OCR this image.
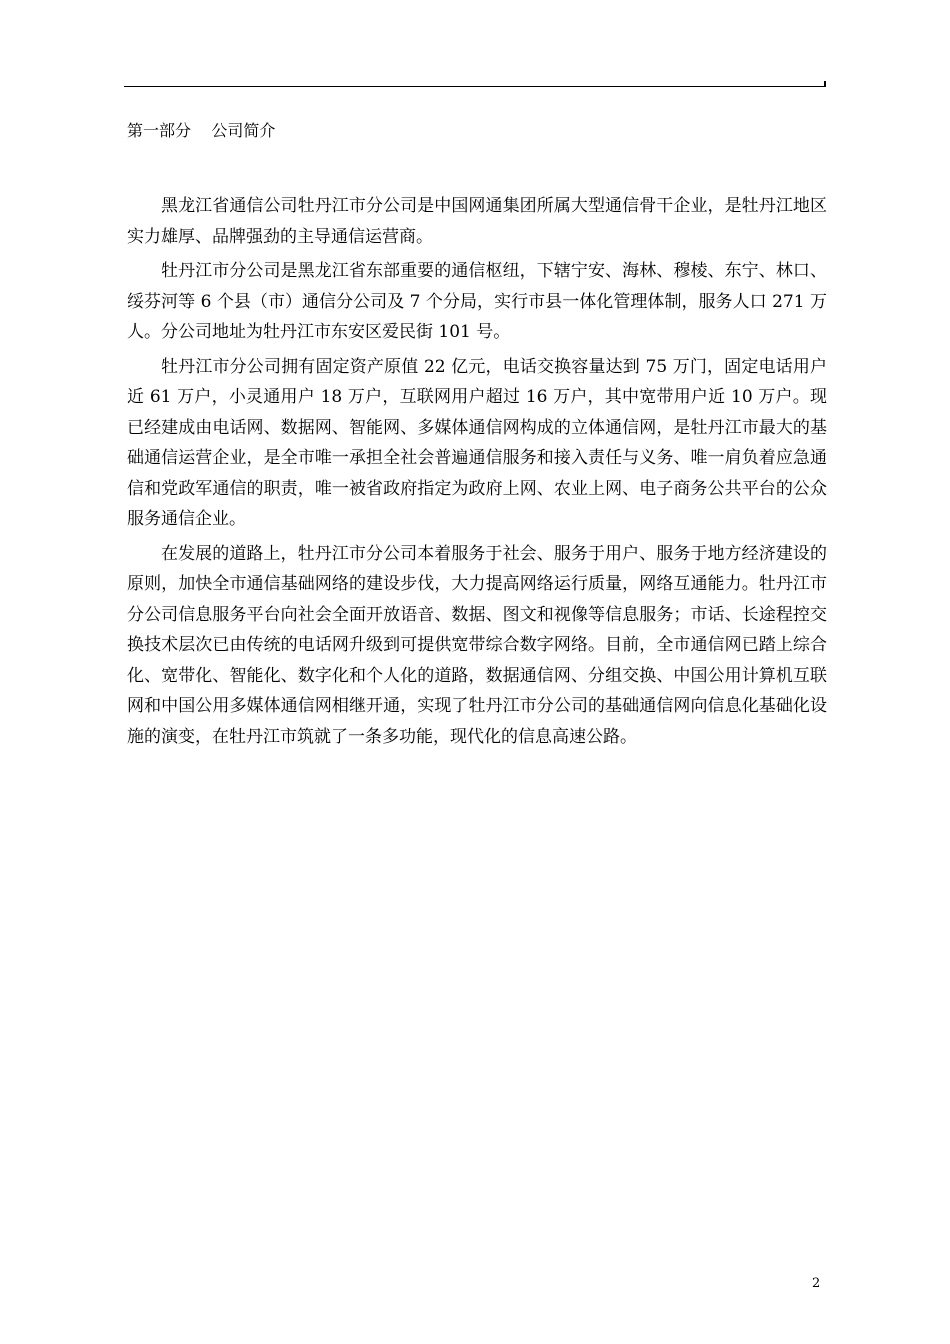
第一部分    公司简介

黑龙江省通信公司牡丹江市分公司是中国网通集团所属大型通信骨干企业，是牡丹江地区实力雄厚、品牌强劲的主导通信运营商。

牡丹江市分公司是黑龙江省东部重要的通信枢纽，下辖宁安、海林、穆棱、东宁、林口、绥芬河等 6 个县（市）通信分公司及 7 个分局，实行市县一体化管理体制，服务人口 271 万人。分公司地址为牡丹江市东安区爱民街 101 号。

牡丹江市分公司拥有固定资产原值 22 亿元，电话交换容量达到 75 万门，固定电话用户近 61 万户，小灵通用户 18 万户，互联网用户超过 16 万户，其中宽带用户近 10 万户。现已经建成由电话网、数据网、智能网、多媒体通信网构成的立体通信网，是牡丹江市最大的基础通信运营企业，是全市唯一承担全社会普遍通信服务和接入责任与义务、唯一肩负着应急通信和党政军通信的职责，唯一被省政府指定为政府上网、农业上网、电子商务公共平台的公众服务通信企业。

在发展的道路上，牡丹江市分公司本着服务于社会、服务于用户、服务于地方经济建设的原则，加快全市通信基础网络的建设步伐，大力提高网络运行质量，网络互通能力。牡丹江市分公司信息服务平台向社会全面开放语音、数据、图文和视像等信息服务；市话、长途程控交换技术层次已由传统的电话网升级到可提供宽带综合数字网络。目前，全市通信网已踏上综合化、宽带化、智能化、数字化和个人化的道路，数据通信网、分组交换、中国公用计算机互联网和中国公用多媒体通信网相继开通，实现了牡丹江市分公司的基础通信网向信息化基础化设施的演变，在牡丹江市筑就了一条多功能，现代化的信息高速公路。

2
